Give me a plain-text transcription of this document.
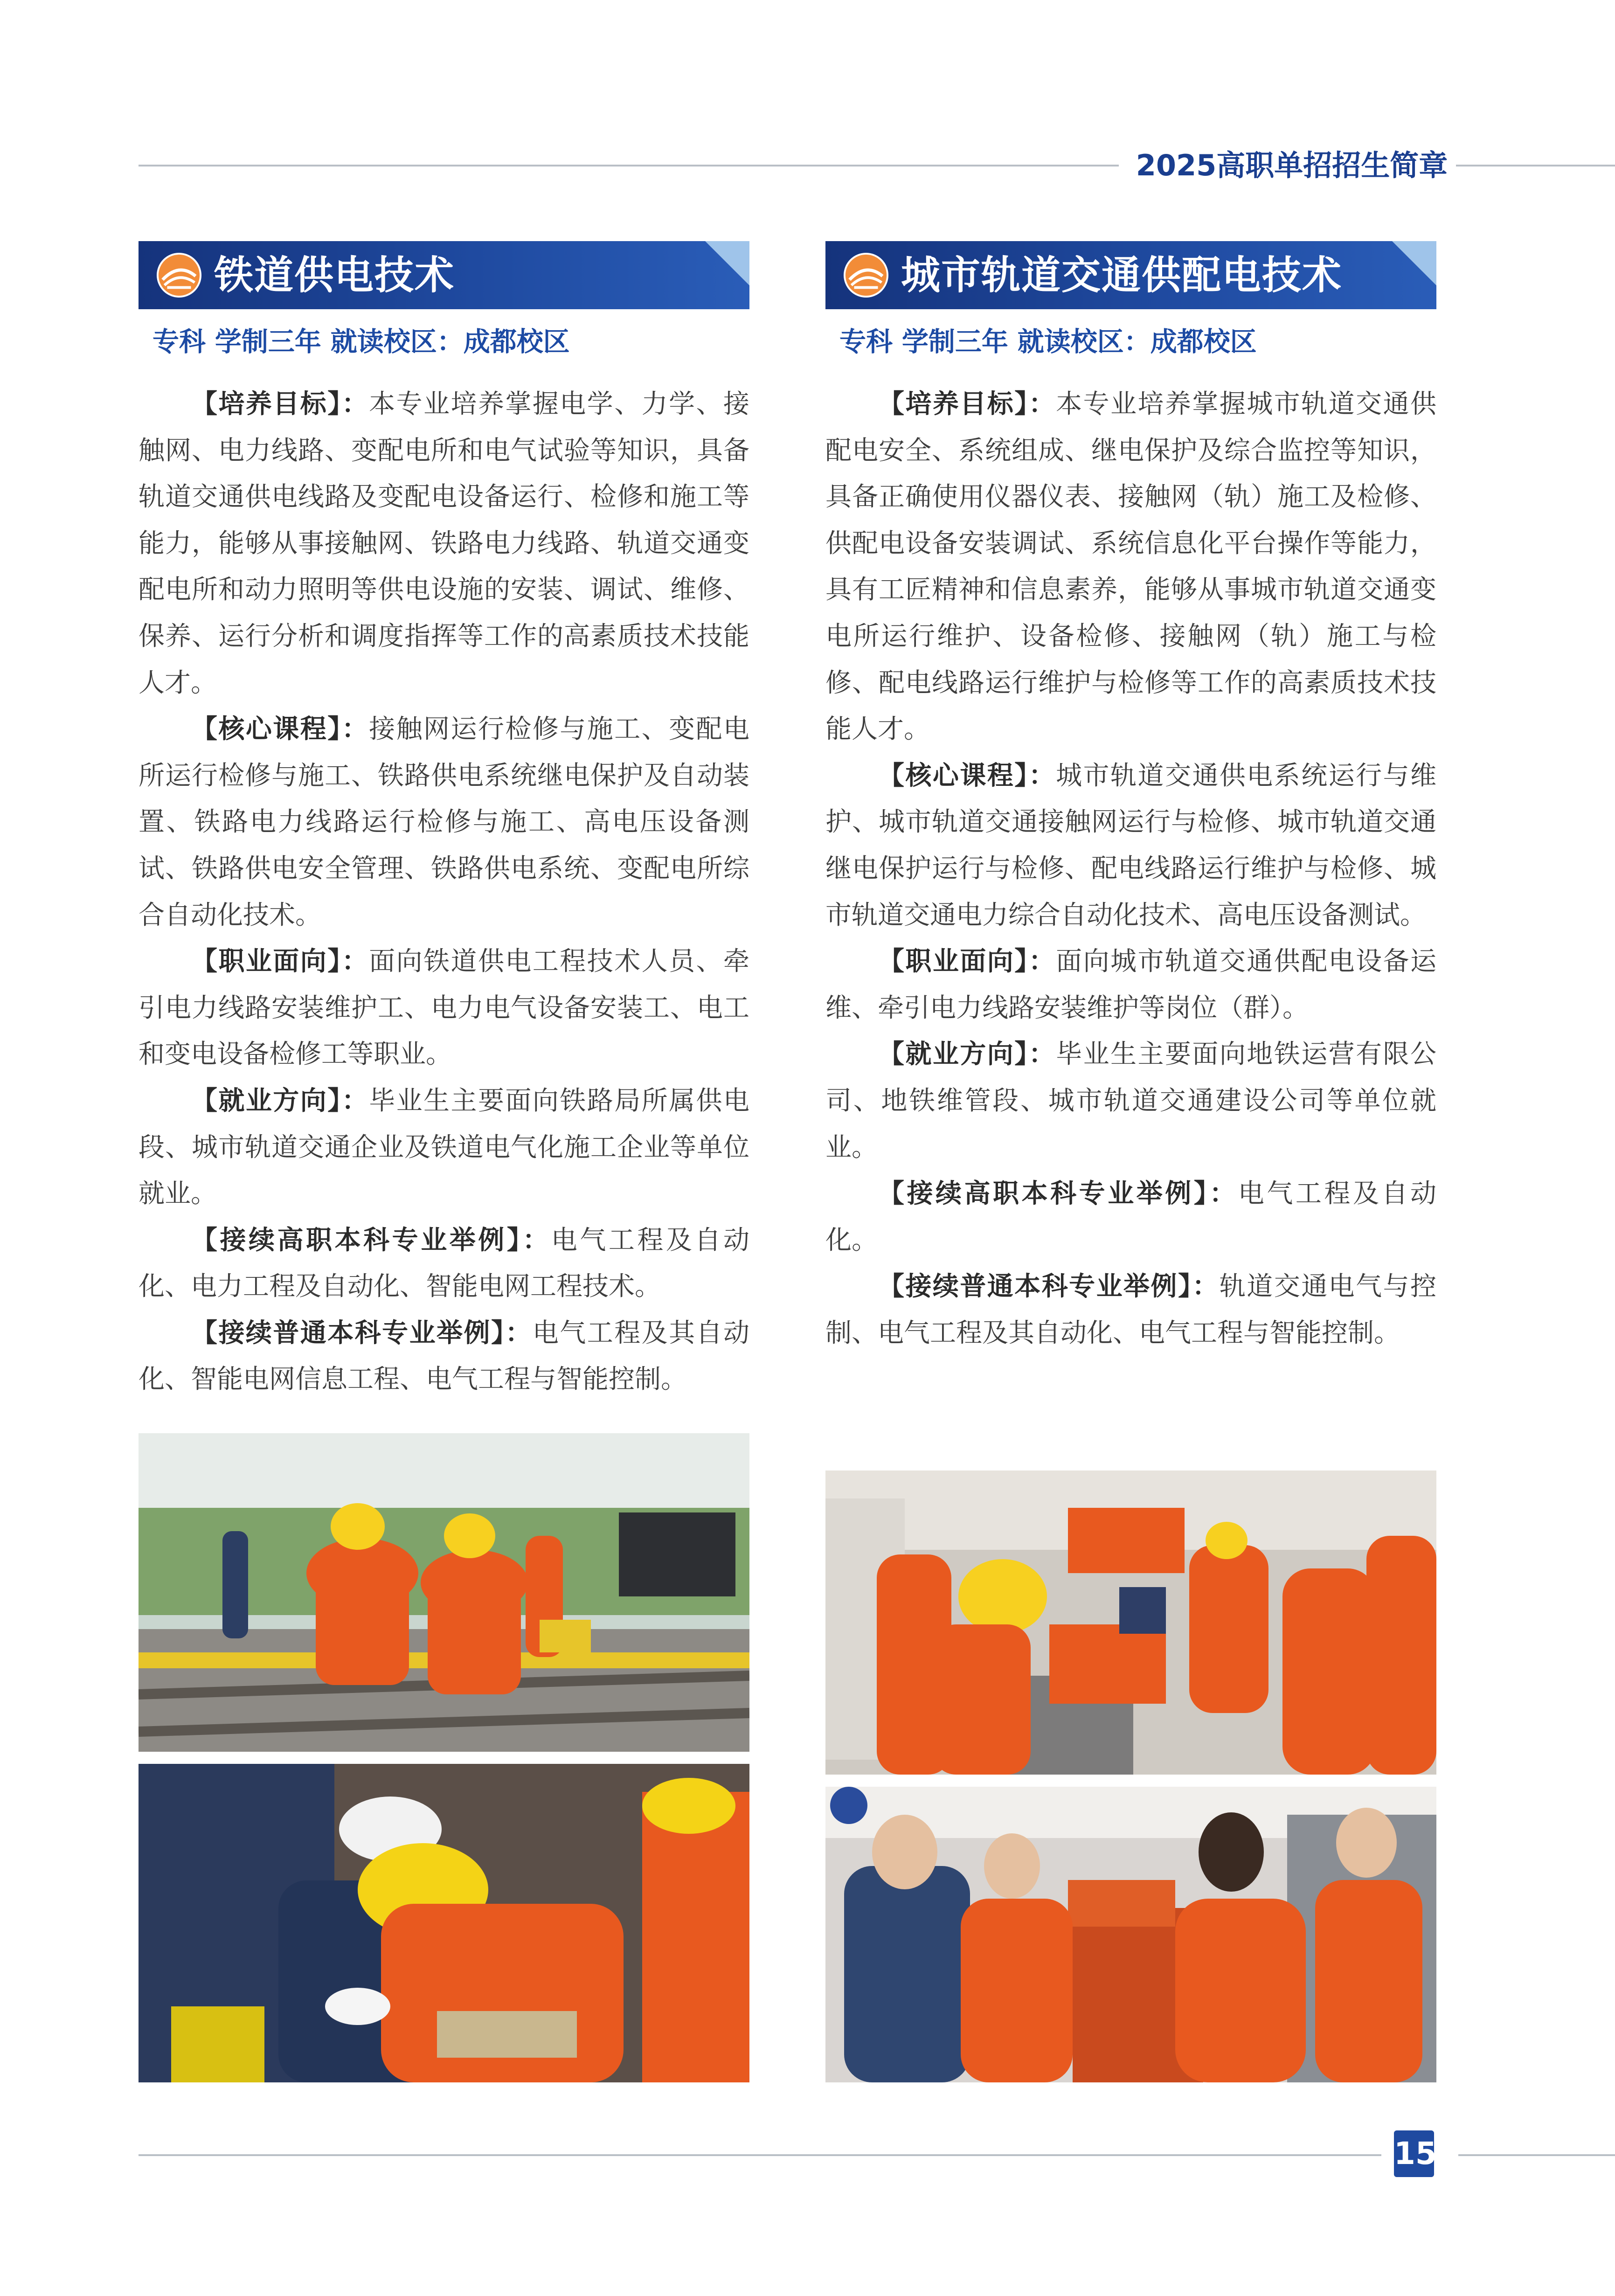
2025高职单招招生简章
铁道供电技术
专科 学制三年 就读校区：成都校区

【培养目标】：本专业培养掌握电学、力学、接触网、电力线路、变配电所和电气试验等知识，具备轨道交通供电线路及变配电设备运行、检修和施工等能力，能够从事接触网、铁路电力线路、轨道交通变配电所和动力照明等供电设施的安装、调试、维修、保养、运行分析和调度指挥等工作的高素质技术技能人才。

【核心课程】：接触网运行检修与施工、变配电所运行检修与施工、铁路供电系统继电保护及自动装置、铁路电力线路运行检修与施工、高电压设备测试、铁路供电安全管理、铁路供电系统、变配电所综合自动化技术。

【职业面向】：面向铁道供电工程技术人员、牵引电力线路安装维护工、电力电气设备安装工、电工和变电设备检修工等职业。

【就业方向】：毕业生主要面向铁路局所属供电段、城市轨道交通企业及铁道电气化施工企业等单位就业。

【接续高职本科专业举例】：电气工程及自动化、电力工程及自动化、智能电网工程技术。

【接续普通本科专业举例】：电气工程及其自动化、智能电网信息工程、电气工程与智能控制。

城市轨道交通供配电技术
专科 学制三年 就读校区：成都校区

【培养目标】：本专业培养掌握城市轨道交通供配电安全、系统组成、继电保护及综合监控等知识，具备正确使用仪器仪表、接触网（轨）施工及检修、供配电设备安装调试、系统信息化平台操作等能力，具有工匠精神和信息素养，能够从事城市轨道交通变电所运行维护、设备检修、接触网（轨）施工与检修、配电线路运行维护与检修等工作的高素质技术技能人才。

【核心课程】：城市轨道交通供电系统运行与维护、城市轨道交通接触网运行与检修、城市轨道交通继电保护运行与检修、配电线路运行维护与检修、城市轨道交通电力综合自动化技术、高电压设备测试。

【职业面向】：面向城市轨道交通供配电设备运维、牵引电力线路安装维护等岗位（群）。

【就业方向】：毕业生主要面向地铁运营有限公司、地铁维管段、城市轨道交通建设公司等单位就业。

【接续高职本科专业举例】：电气工程及自动化。

【接续普通本科专业举例】：轨道交通电气与控制、电气工程及其自动化、电气工程与智能控制。

15
